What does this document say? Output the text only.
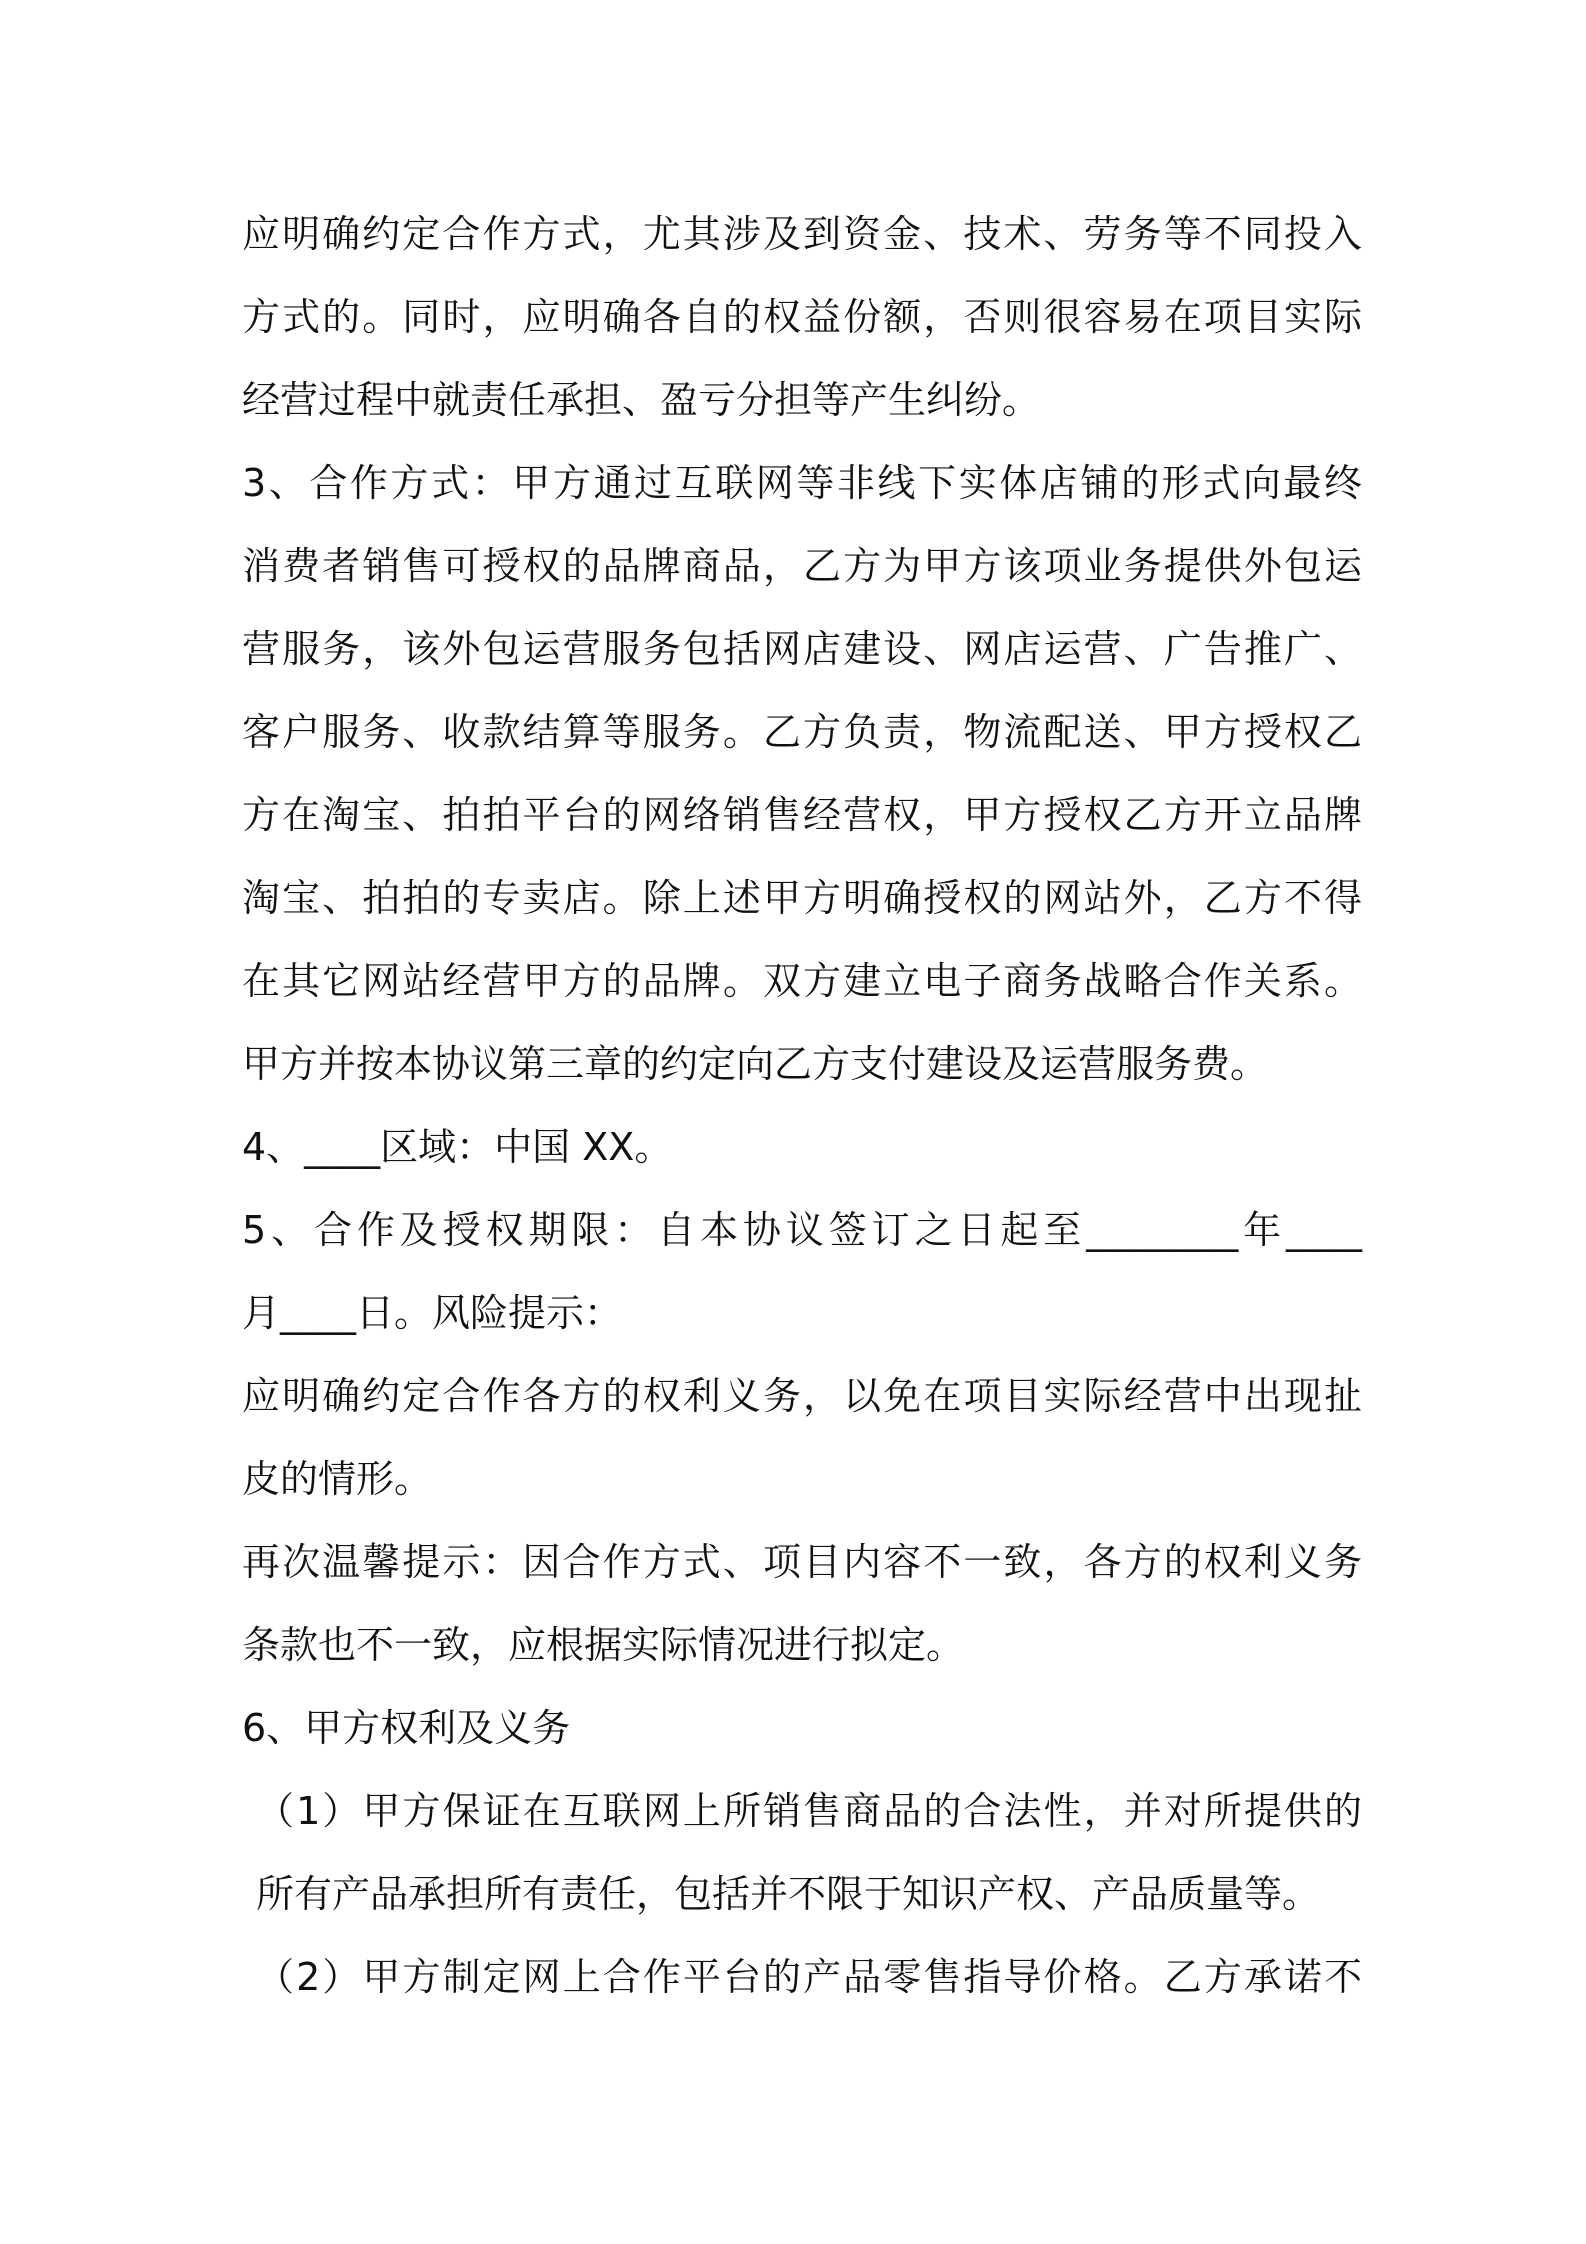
应明确约定合作方式，尤其涉及到资金、技术、劳务等不同投入
方式的。同时，应明确各自的权益份额，否则很容易在项目实际
经营过程中就责任承担、盈亏分担等产生纠纷。
3、合作方式：甲方通过互联网等非线下实体店铺的形式向最终
消费者销售可授权的品牌商品，乙方为甲方该项业务提供外包运
营服务，该外包运营服务包括网店建设、网店运营、广告推广、
客户服务、收款结算等服务。乙方负责，物流配送、甲方授权乙
方在淘宝、拍拍平台的网络销售经营权，甲方授权乙方开立品牌
淘宝、拍拍的专卖店。除上述甲方明确授权的网站外，乙方不得
在其它网站经营甲方的品牌。双方建立电子商务战略合作关系。
甲方并按本协议第三章的约定向乙方支付建设及运营服务费。
4、____区域：中国 XX。
5、合作及授权期限：自本协议签订之日起至________年____
月____日。风险提示：
应明确约定合作各方的权利义务，以免在项目实际经营中出现扯
皮的情形。
再次温馨提示：因合作方式、项目内容不一致，各方的权利义务
条款也不一致，应根据实际情况进行拟定。
6、甲方权利及义务
（1）甲方保证在互联网上所销售商品的合法性，并对所提供的
所有产品承担所有责任，包括并不限于知识产权、产品质量等。
（2）甲方制定网上合作平台的产品零售指导价格。乙方承诺不
